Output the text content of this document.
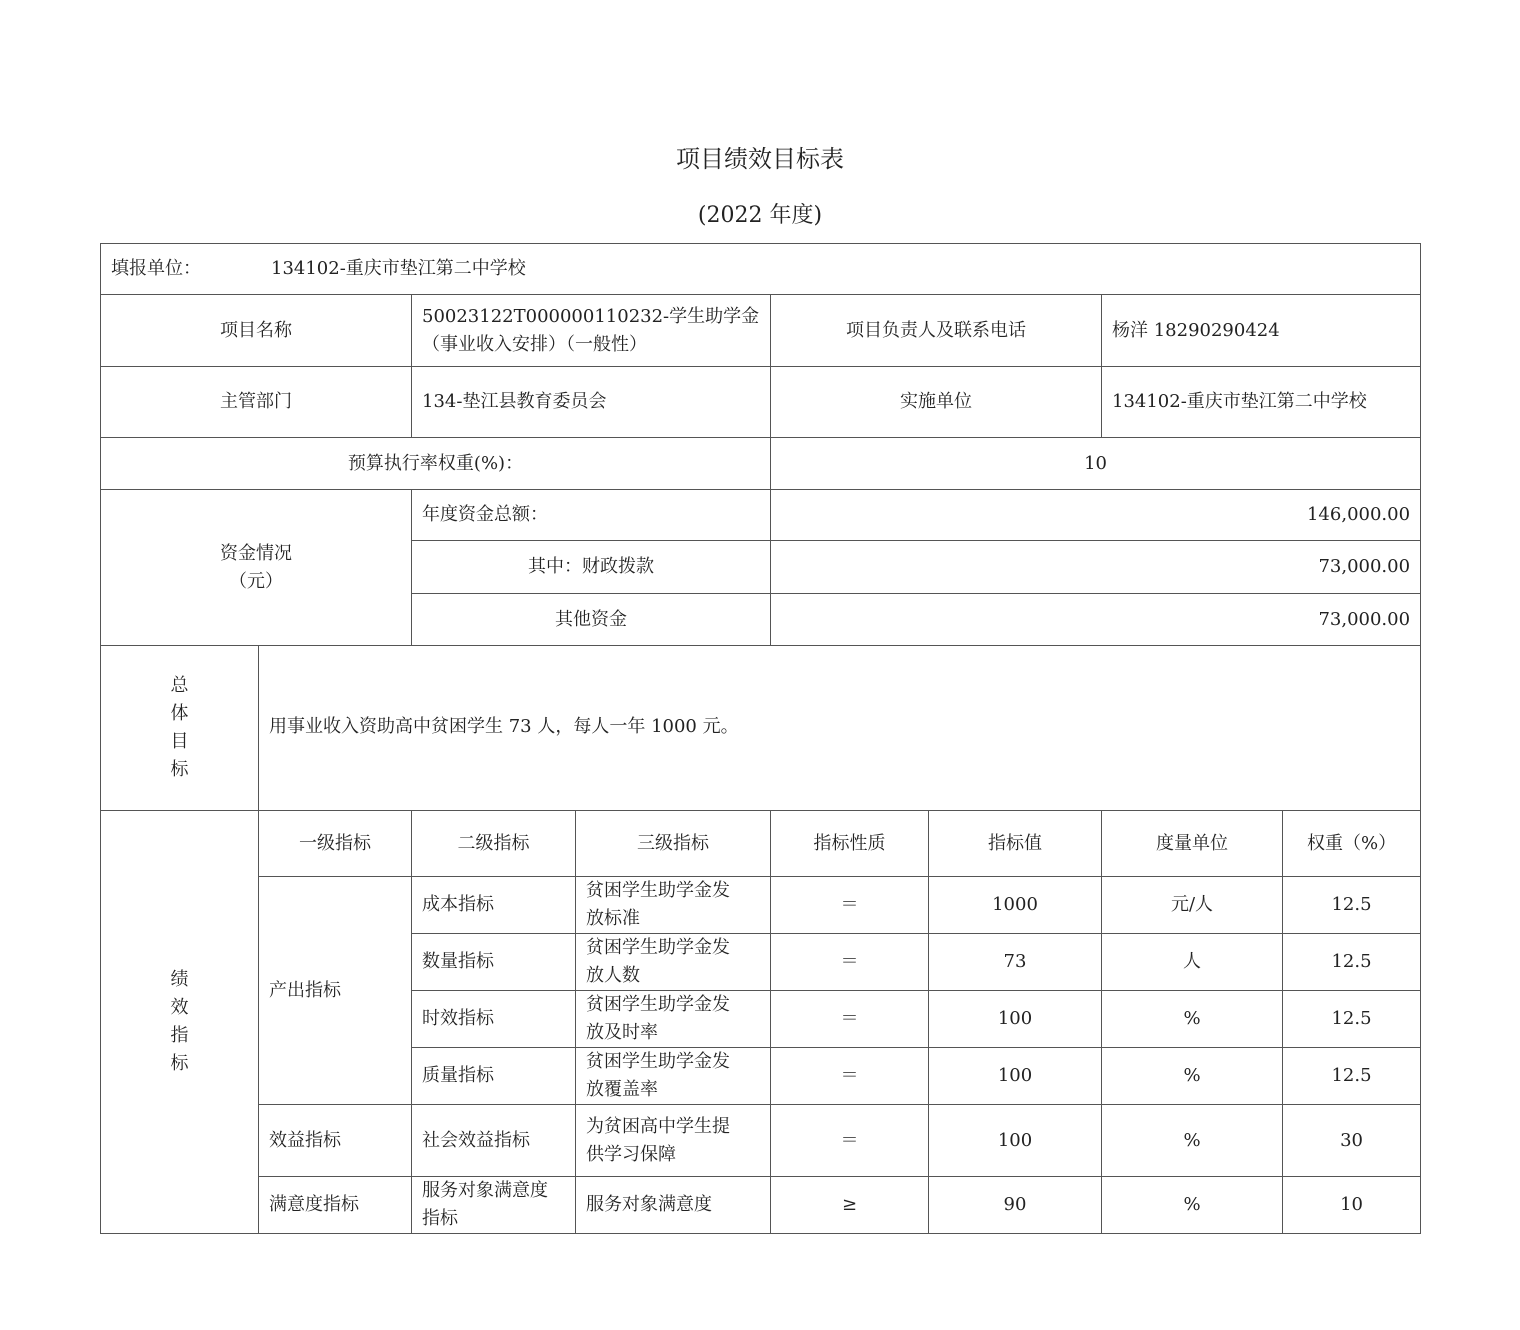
项目绩效目标表
(2022 年度)
填报单位： 134102-重庆市垫江第二中学校							
项目名称		50023122T000000110232-学生助学金
（事业收入安排）（一般性）		项目负责人及联系电话		杨洋 18290290424	
主管部门		134-垫江县教育委员会		实施单位		134102-重庆市垫江第二中学校	
预算执行率权重(%)：				10			

资金情况
（元）		年度资金总额：		146,000.00			
		其中：财政拨款		73,000.00			
		其他资金		73,000.00			

总
体
目
标	用事业收入资助高中贫困学生 73 人，每人一年 1000 元。						

绩
效
指
标	一级指标	二级指标	三级指标	指标性质	指标值	度量单位	权重（%）
	产出指标	成本指标	贫困学生助学金发
放标准	＝	1000	元/人	12.5
		数量指标	贫困学生助学金发
放人数	＝	73	人	12.5
		时效指标	贫困学生助学金发
放及时率	＝	100	%	12.5
		质量指标	贫困学生助学金发
放覆盖率	＝	100	%	12.5
	效益指标	社会效益指标	为贫困高中学生提
供学习保障	＝	100	%	30
	满意度指标	服务对象满意度
指标	服务对象满意度	≥	90	%	10
